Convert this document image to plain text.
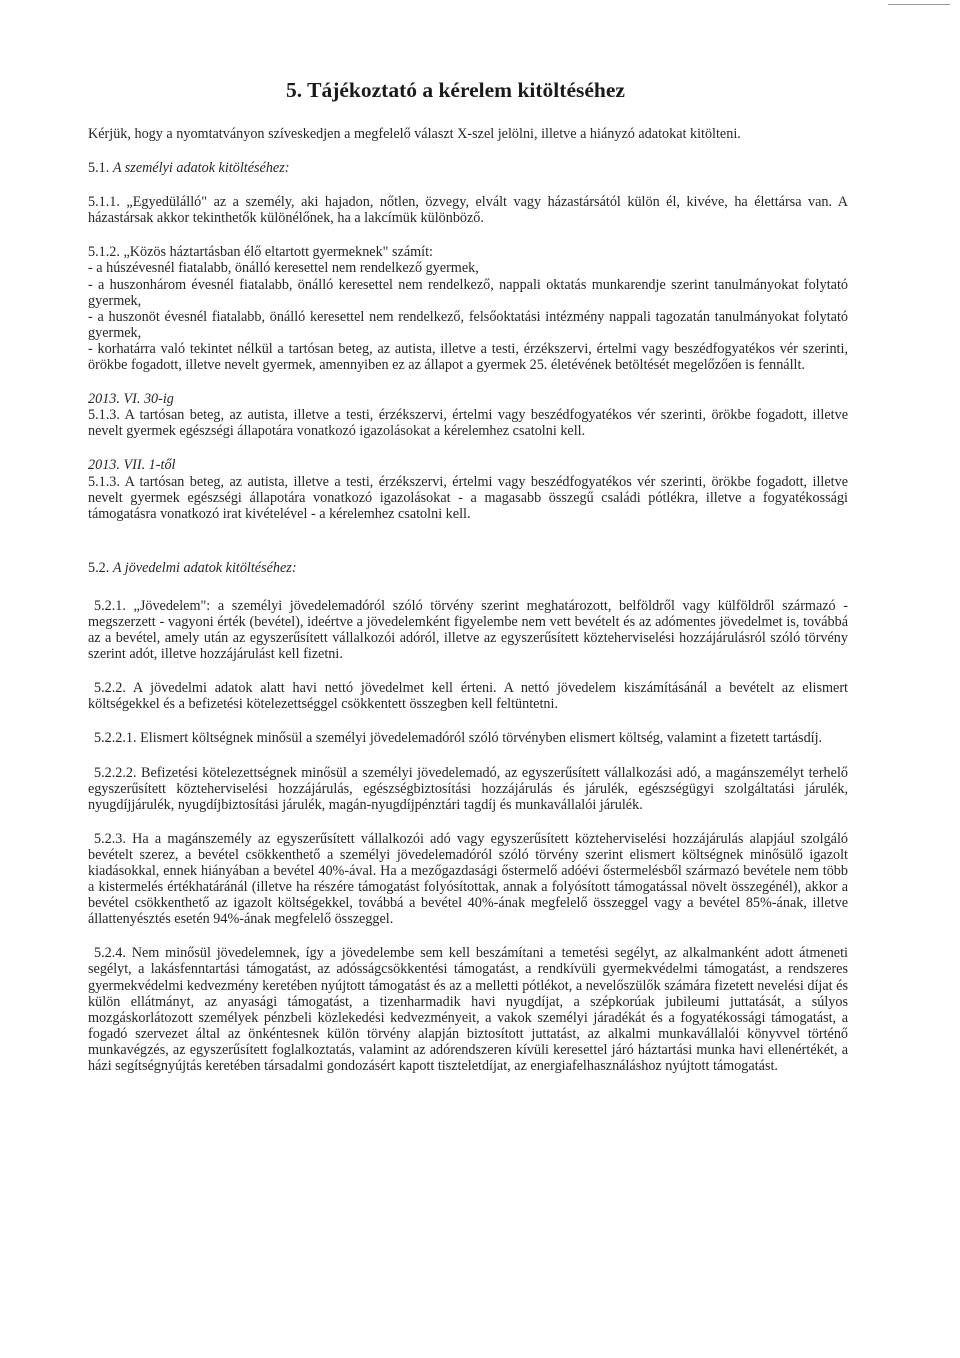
5. Tájékoztató a kérelem kitöltéséhez

Kérjük, hogy a nyomtatványon szíveskedjen a megfelelő választ X-szel jelölni, illetve a hiányzó adatokat kitölteni.

5.1. A személyi adatok kitöltéséhez:

5.1.1. „Egyedülálló" az a személy, aki hajadon, nőtlen, özvegy, elvált vagy házastársától külön él, kivéve, ha élettársa van. A házastársak akkor tekinthetők különélőnek, ha a lakcímük különböző.

5.1.2. „Közös háztartásban élő eltartott gyermeknek" számít:

- a húszévesnél fiatalabb, önálló keresettel nem rendelkező gyermek,

- a huszonhárom évesnél fiatalabb, önálló keresettel nem rendelkező, nappali oktatás munkarendje szerint tanulmányokat folytató gyermek,

- a huszonöt évesnél fiatalabb, önálló keresettel nem rendelkező, felsőoktatási intézmény nappali tagozatán tanulmányokat folytató gyermek,

- korhatárra való tekintet nélkül a tartósan beteg, az autista, illetve a testi, érzékszervi, értelmi vagy beszédfogyatékos vér szerinti, örökbe fogadott, illetve nevelt gyermek, amennyiben ez az állapot a gyermek 25. életévének betöltését megelőzően is fennállt.

2013. VI. 30-ig

5.1.3. A tartósan beteg, az autista, illetve a testi, érzékszervi, értelmi vagy beszédfogyatékos vér szerinti, örökbe fogadott, illetve nevelt gyermek egészségi állapotára vonatkozó igazolásokat a kérelemhez csatolni kell.

2013. VII. 1-től

5.1.3. A tartósan beteg, az autista, illetve a testi, érzékszervi, értelmi vagy beszédfogyatékos vér szerinti, örökbe fogadott, illetve nevelt gyermek egészségi állapotára vonatkozó igazolásokat - a magasabb összegű családi pótlékra, illetve a fogyatékossági támogatásra vonatkozó irat kivételével - a kérelemhez csatolni kell.

5.2. A jövedelmi adatok kitöltéséhez:

5.2.1. „Jövedelem": a személyi jövedelemadóról szóló törvény szerint meghatározott, belföldről vagy külföldről származó - megszerzett - vagyoni érték (bevétel), ideértve a jövedelemként figyelembe nem vett bevételt és az adómentes jövedelmet is, továbbá az a bevétel, amely után az egyszerűsített vállalkozói adóról, illetve az egyszerűsített közteherviselési hozzájárulásról szóló törvény szerint adót, illetve hozzájárulást kell fizetni.

5.2.2. A jövedelmi adatok alatt havi nettó jövedelmet kell érteni. A nettó jövedelem kiszámításánál a bevételt az elismert költségekkel és a befizetési kötelezettséggel csökkentett összegben kell feltüntetni.

5.2.2.1. Elismert költségnek minősül a személyi jövedelemadóról szóló törvényben elismert költség, valamint a fizetett tartásdíj.

5.2.2.2. Befizetési kötelezettségnek minősül a személyi jövedelemadó, az egyszerűsített vállalkozási adó, a magánszemélyt terhelő egyszerűsített közteherviselési hozzájárulás, egészségbiztosítási hozzájárulás és járulék, egészségügyi szolgáltatási járulék, nyugdíjjárulék, nyugdíjbiztosítási járulék, magán-nyugdíjpénztári tagdíj és munkavállalói járulék.

5.2.3. Ha a magánszemély az egyszerűsített vállalkozói adó vagy egyszerűsített közteherviselési hozzájárulás alapjául szolgáló bevételt szerez, a bevétel csökkenthető a személyi jövedelemadóról szóló törvény szerint elismert költségnek minősülő igazolt kiadásokkal, ennek hiányában a bevétel 40%-ával. Ha a mezőgazdasági őstermelő adóévi őstermelésből származó bevétele nem több a kistermelés értékhatáránál (illetve ha részére támogatást folyósítottak, annak a folyósított támogatással növelt összegénél), akkor a bevétel csökkenthető az igazolt költségekkel, továbbá a bevétel 40%-ának megfelelő összeggel vagy a bevétel 85%-ának, illetve állattenyésztés esetén 94%-ának megfelelő összeggel.

5.2.4. Nem minősül jövedelemnek, így a jövedelembe sem kell beszámítani a temetési segélyt, az alkalmanként adott átmeneti segélyt, a lakásfenntartási támogatást, az adósságcsökkentési támogatást, a rendkívüli gyermekvédelmi támogatást, a rendszeres gyermekvédelmi kedvezmény keretében nyújtott támogatást és az a melletti pótlékot, a nevelőszülők számára fizetett nevelési díjat és külön ellátmányt, az anyasági támogatást, a tizenharmadik havi nyugdíjat, a szépkorúak jubileumi juttatását, a súlyos mozgáskorlátozott személyek pénzbeli közlekedési kedvezményeit, a vakok személyi járadékát és a fogyatékossági támogatást, a fogadó szervezet által az önkéntesnek külön törvény alapján biztosított juttatást, az alkalmi munkavállalói könyvvel történő munkavégzés, az egyszerűsített foglalkoztatás, valamint az adórendszeren kívüli keresettel járó háztartási munka havi ellenértékét, a házi segítségnyújtás keretében társadalmi gondozásért kapott tiszteletdíjat, az energiafelhasználáshoz nyújtott támogatást.
